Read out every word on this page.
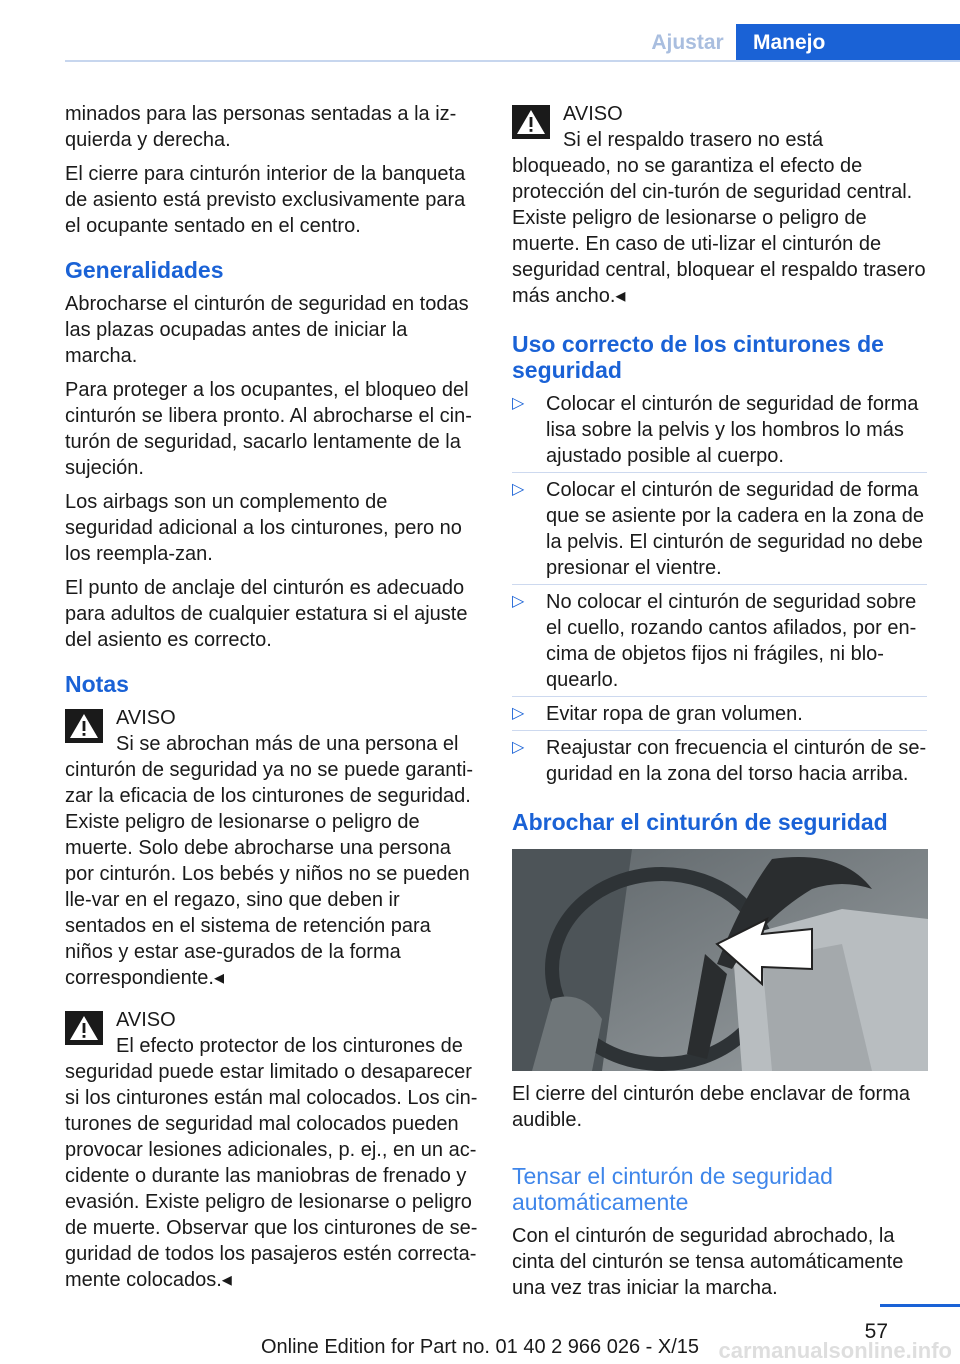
Ajustar	Manejo

minados para las personas sentadas a la iz-quierda y derecha.

El cierre para cinturón interior de la banqueta de asiento está previsto exclusivamente para el ocupante sentado en el centro.

Generalidades

Abrocharse el cinturón de seguridad en todas las plazas ocupadas antes de iniciar la marcha.

Para proteger a los ocupantes, el bloqueo del cinturón se libera pronto. Al abrocharse el cin-turón de seguridad, sacarlo lentamente de la sujeción.

Los airbags son un complemento de seguridad adicional a los cinturones, pero no los reempla-zan.

El punto de anclaje del cinturón es adecuado para adultos de cualquier estatura si el ajuste del asiento es correcto.

Notas
AVISO
Si se abrochan más de una persona el cinturón de seguridad ya no se puede garanti-zar la eficacia de los cinturones de seguridad. Existe peligro de lesionarse o peligro de muerte. Solo debe abrocharse una persona por cinturón. Los bebés y niños no se pueden lle-var en el regazo, sino que deben ir sentados en el sistema de retención para niños y estar ase-gurados de la forma correspondiente.◂
AVISO
El efecto protector de los cinturones de seguridad puede estar limitado o desaparecer si los cinturones están mal colocados. Los cin-turones de seguridad mal colocados pueden provocar lesiones adicionales, p. ej., en un ac-cidente o durante las maniobras de frenado y evasión. Existe peligro de lesionarse o peligro de muerte. Observar que los cinturones de se-guridad de todos los pasajeros estén correcta-mente colocados.◂
AVISO
Si el respaldo trasero no está bloqueado, no se garantiza el efecto de protección del cin-turón de seguridad central. Existe peligro de lesionarse o peligro de muerte. En caso de uti-lizar el cinturón de seguridad central, bloquear el respaldo trasero más ancho.◂
Uso correcto de los cinturones de seguridad
▷ Colocar el cinturón de seguridad de forma lisa sobre la pelvis y los hombros lo más ajustado posible al cuerpo.
▷ Colocar el cinturón de seguridad de forma que se asiente por la cadera en la zona de la pelvis. El cinturón de seguridad no debe presionar el vientre.
▷ No colocar el cinturón de seguridad sobre el cuello, rozando cantos afilados, por en-cima de objetos fijos ni frágiles, ni blo-quearlo.
▷ Evitar ropa de gran volumen.
▷ Reajustar con frecuencia el cinturón de se-guridad en la zona del torso hacia arriba.
Abrochar el cinturón de seguridad

El cierre del cinturón debe enclavar de forma audible.

Tensar el cinturón de seguridad automáticamente

Con el cinturón de seguridad abrochado, la cinta del cinturón se tensa automáticamente una vez tras iniciar la marcha.

57
Online Edition for Part no. 01 40 2 966 026 - X/15 carmanualsonline.info
